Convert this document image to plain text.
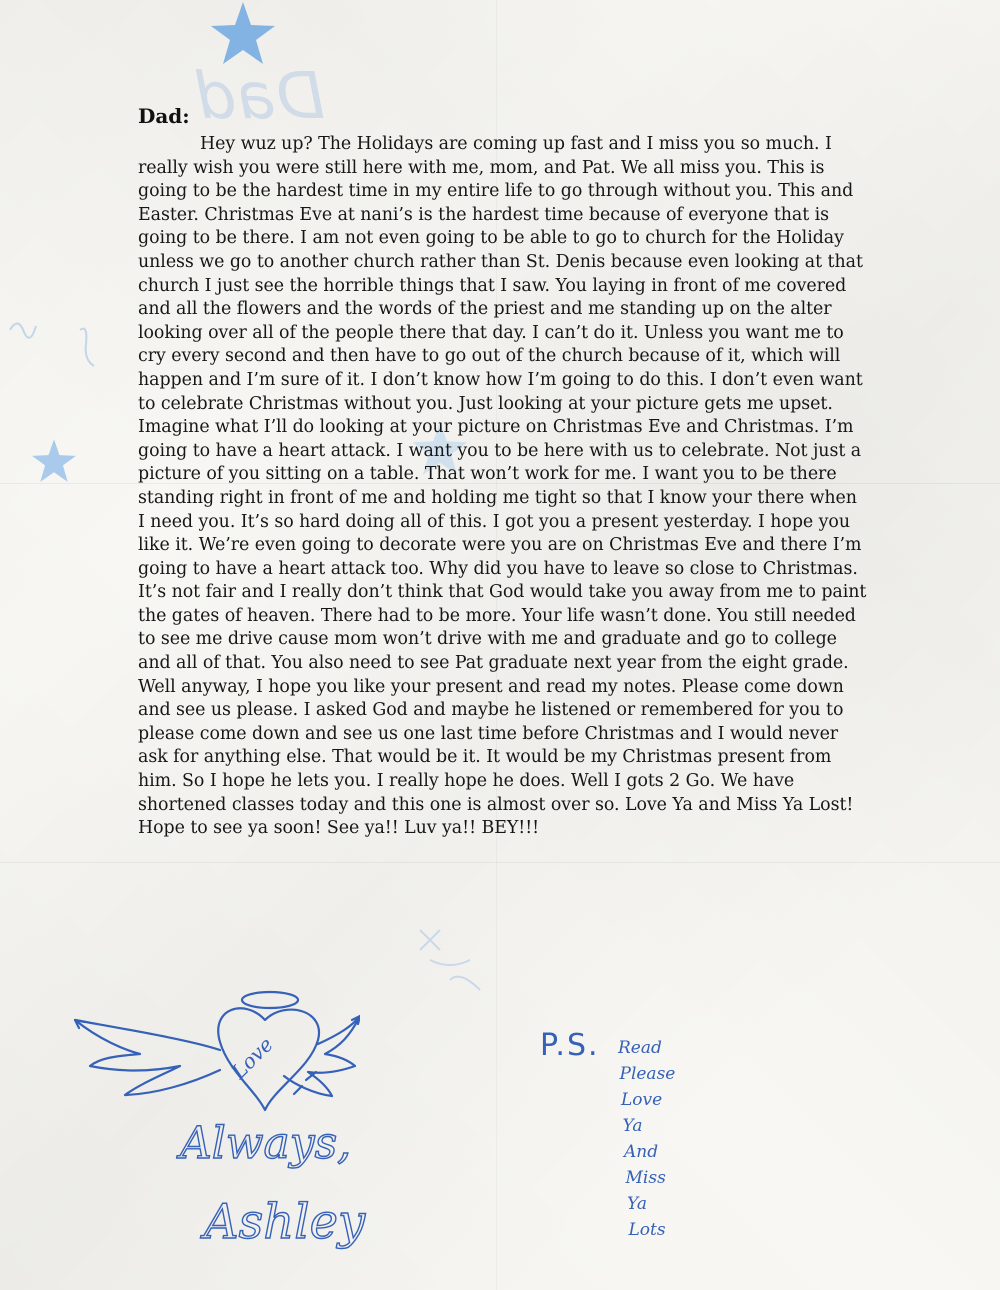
Dad
Dad:

Hey wuz up? The Holidays are coming up fast and I miss you so much. I really wish you were still here with me, mom, and Pat. We all miss you. This is going to be the hardest time in my entire life to go through without you. This and Easter. Christmas Eve at nani’s is the hardest time because of everyone that is going to be there. I am not even going to be able to go to church for the Holiday unless we go to another church rather than St. Denis because even looking at that church I just see the horrible things that I saw. You laying in front of me covered and all the flowers and the words of the priest and me standing up on the alter looking over all of the people there that day. I can’t do it. Unless you want me to cry every second and then have to go out of the church because of it, which will happen and I’m sure of it. I don’t know how I’m going to do this. I don’t even want to celebrate Christmas without you. Just looking at your picture gets me upset. Imagine what I’ll do looking at your picture on Christmas Eve and Christmas. I’m going to have a heart attack. I want you to be here with us to celebrate. Not just a picture of you sitting on a table. That won’t work for me. I want you to be there standing right in front of me and holding me tight so that I know your there when I need you. It’s so hard doing all of this. I got you a present yesterday. I hope you like it. We’re even going to decorate were you are on Christmas Eve and there I’m going to have a heart attack too. Why did you have to leave so close to Christmas. It’s not fair and I really don’t think that God would take you away from me to paint the gates of heaven. There had to be more. Your life wasn’t done. You still needed to see me drive cause mom won’t drive with me and graduate and go to college and all of that. You also need to see Pat graduate next year from the eight grade. Well anyway, I hope you like your present and read my notes. Please come down and see us please. I asked God and maybe he listened or remembered for you to please come down and see us one last time before Christmas and I would never ask for anything else. That would be it. It would be my Christmas present from him. So I hope he lets you. I really hope he does. Well I gots 2 Go. We have shortened classes today and this one is almost over so. Love Ya and Miss Ya Lost! Hope to see ya soon! See ya!! Luv ya!! BEY!!!

Love
Always,
Ashley
P.S. Read
Please
Love
Ya
And
Miss
Ya
Lots
